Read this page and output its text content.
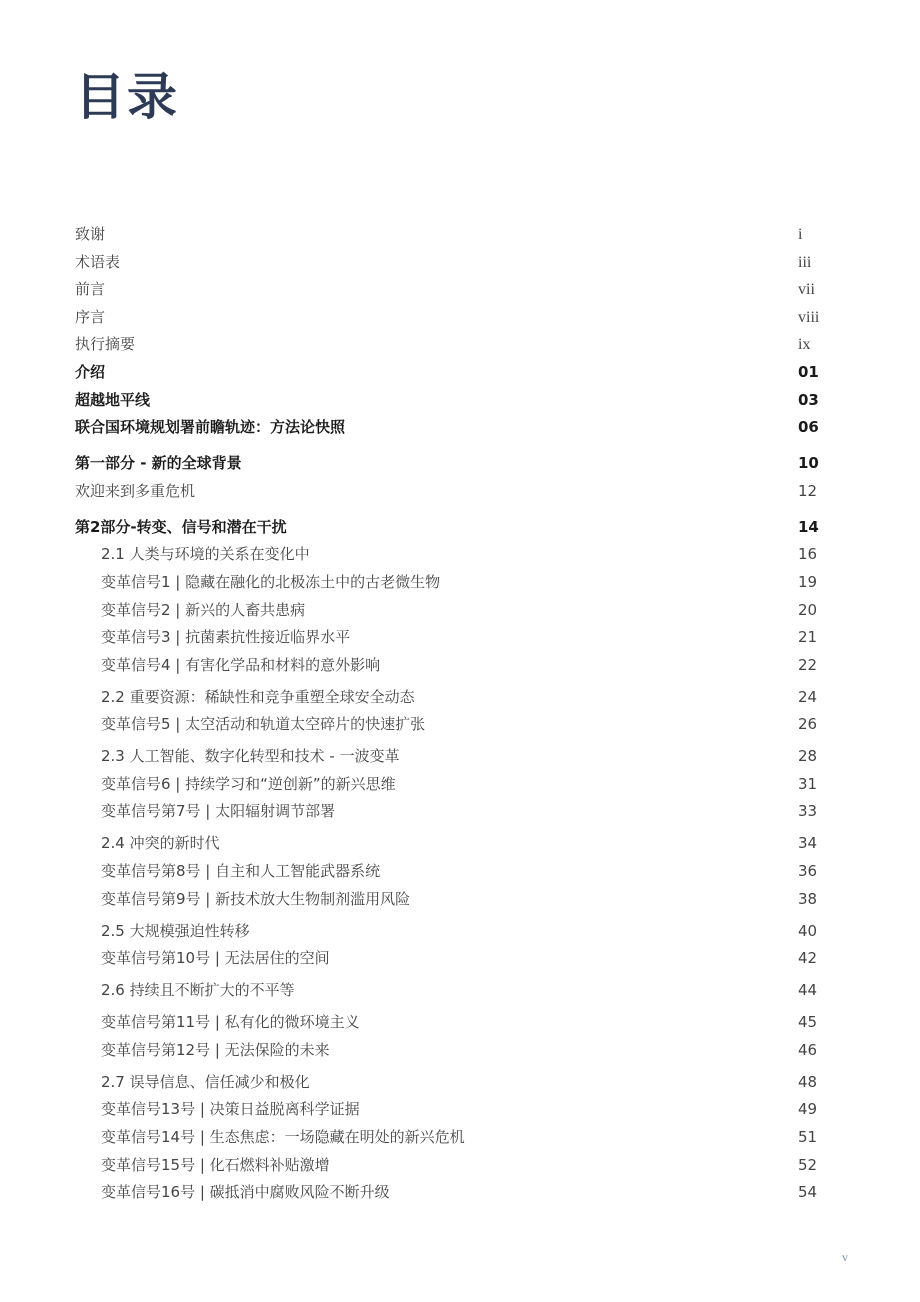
目录
致谢	i
术语表	iii
前言	vii
序言	viii
执行摘要	ix
介绍	01
超越地平线	03
联合国环境规划署前瞻轨迹：方法论快照	06
第一部分 - 新的全球背景	10
欢迎来到多重危机	12
第2部分-转变、信号和潜在干扰	14
2.1 人类与环境的关系在变化中	16
变革信号1 | 隐藏在融化的北极冻土中的古老微生物	19
变革信号2 | 新兴的人畜共患病	20
变革信号3 | 抗菌素抗性接近临界水平	21
变革信号4 | 有害化学品和材料的意外影响	22
2.2 重要资源：稀缺性和竞争重塑全球安全动态	24
变革信号5 | 太空活动和轨道太空碎片的快速扩张	26
2.3 人工智能、数字化转型和技术 - 一波变革	28
变革信号6 | 持续学习和“逆创新”的新兴思维	31
变革信号第7号 | 太阳辐射调节部署	33
2.4 冲突的新时代	34
变革信号第8号 | 自主和人工智能武器系统	36
变革信号第9号 | 新技术放大生物制剂滥用风险	38
2.5 大规模强迫性转移	40
变革信号第10号 | 无法居住的空间	42
2.6 持续且不断扩大的不平等	44
变革信号第11号 | 私有化的微环境主义	45
变革信号第12号 | 无法保险的未来	46
2.7 误导信息、信任减少和极化	48
变革信号13号 | 决策日益脱离科学证据	49
变革信号14号 | 生态焦虑：一场隐藏在明处的新兴危机	51
变革信号15号 | 化石燃料补贴激增	52
变革信号16号 | 碳抵消中腐败风险不断升级	54
v
